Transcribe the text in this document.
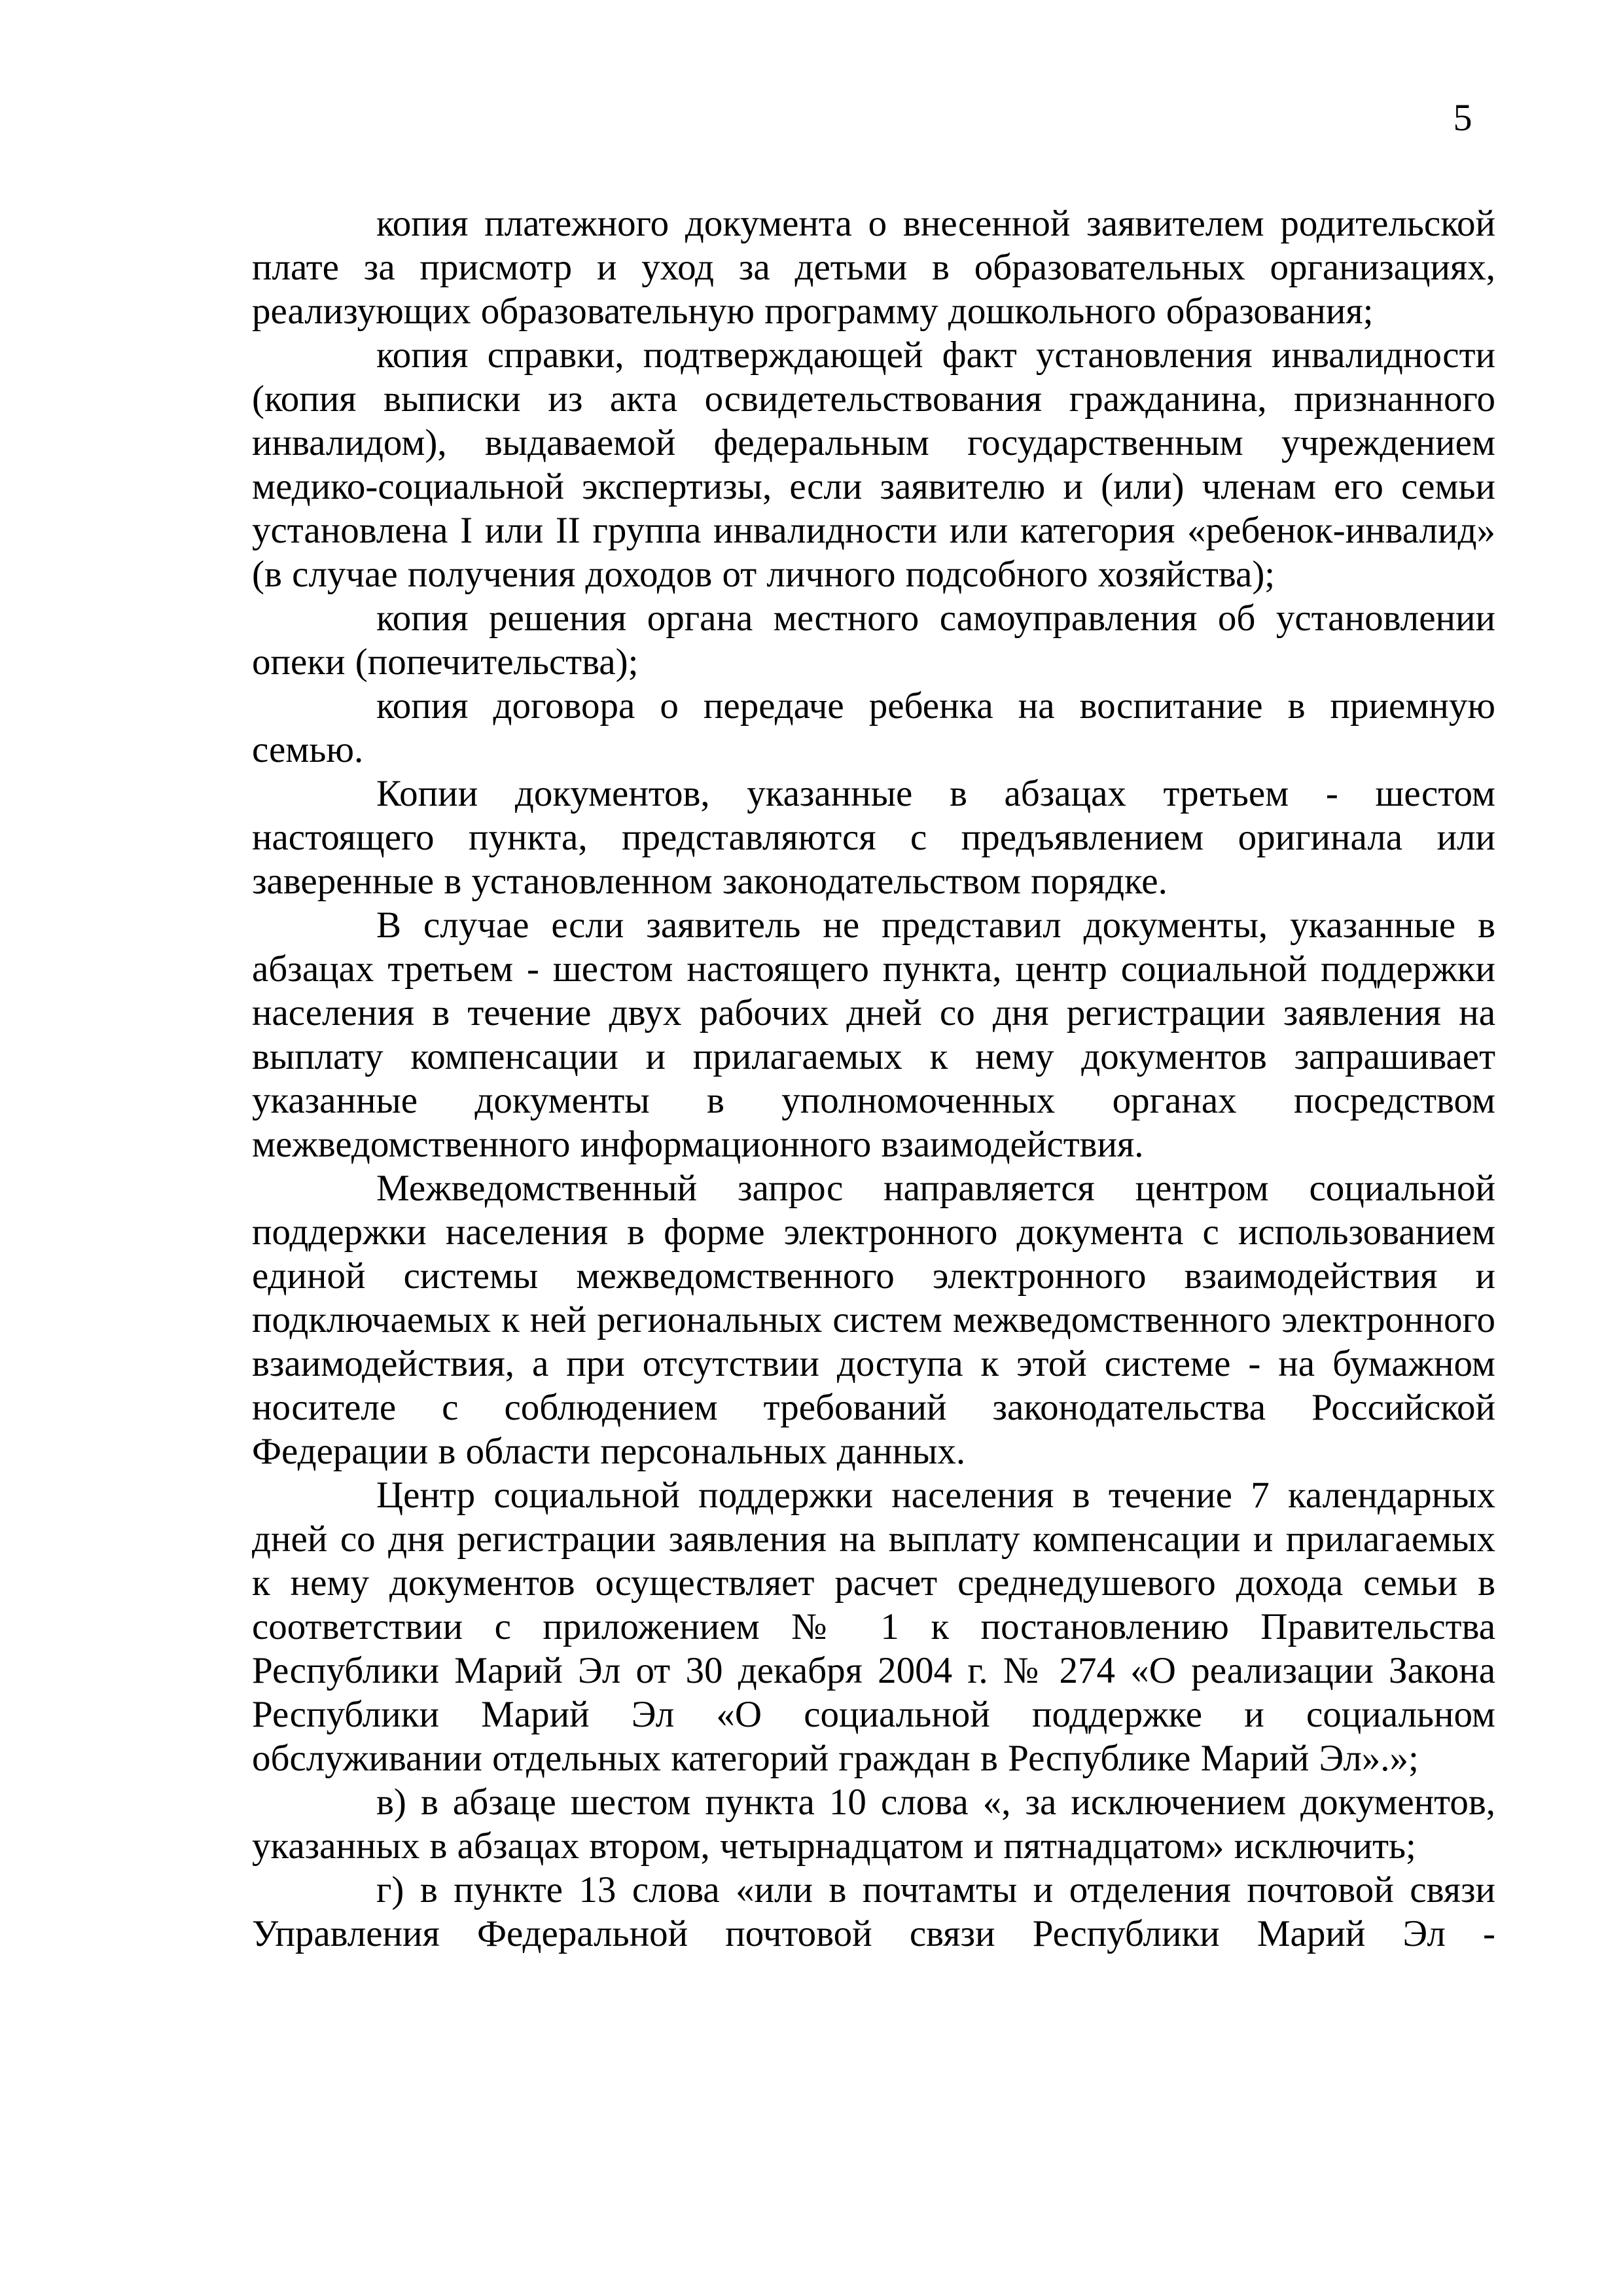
5

копия платежного документа о внесенной заявителем родительской плате за присмотр и уход за детьми в образовательных организациях, реализующих образовательную программу дошкольного образования;

копия справки, подтверждающей факт установления инвалидности (копия выписки из акта освидетельствования гражданина, признанного инвалидом), выдаваемой федеральным государственным учреждением медико-социальной экспертизы, если заявителю и (или) членам его семьи установлена I или II группа инвалидности или категория «ребенок-инвалид» (в случае получения доходов от личного подсобного хозяйства);

копия решения органа местного самоуправления об установлении опеки (попечительства);

копия договора о передаче ребенка на воспитание в приемную семью.

Копии документов, указанные в абзацах третьем - шестом настоящего пункта, представляются с предъявлением оригинала или заверенные в установленном законодательством порядке.

В случае если заявитель не представил документы, указанные в абзацах третьем - шестом настоящего пункта, центр социальной поддержки населения в течение двух рабочих дней со дня регистрации заявления на выплату компенсации и прилагаемых к нему документов запрашивает указанные документы в уполномоченных органах посредством межведомственного информационного взаимодействия.

Межведомственный запрос направляется центром социальной поддержки населения в форме электронного документа с использованием единой системы межведомственного электронного взаимодействия и подключаемых к ней региональных систем межведомственного электронного взаимодействия, а при отсутствии доступа к этой системе - на бумажном носителе с соблюдением требований законодательства Российской Федерации в области персональных данных.

Центр социальной поддержки населения в течение 7 календарных дней со дня регистрации заявления на выплату компенсации и прилагаемых к нему документов осуществляет расчет среднедушевого дохода семьи в соответствии с приложением № 1 к постановлению Правительства Республики Марий Эл от 30 декабря 2004 г. № 274 «О реализации Закона Республики Марий Эл «О социальной поддержке и социальном обслуживании отдельных категорий граждан в Республике Марий Эл».»;

в) в абзаце шестом пункта 10 слова «, за исключением документов, указанных в абзацах втором, четырнадцатом и пятнадцатом» исключить;

г) в пункте 13 слова «или в почтамты и отделения почтовой связи Управления Федеральной почтовой связи Республики Марий Эл -
